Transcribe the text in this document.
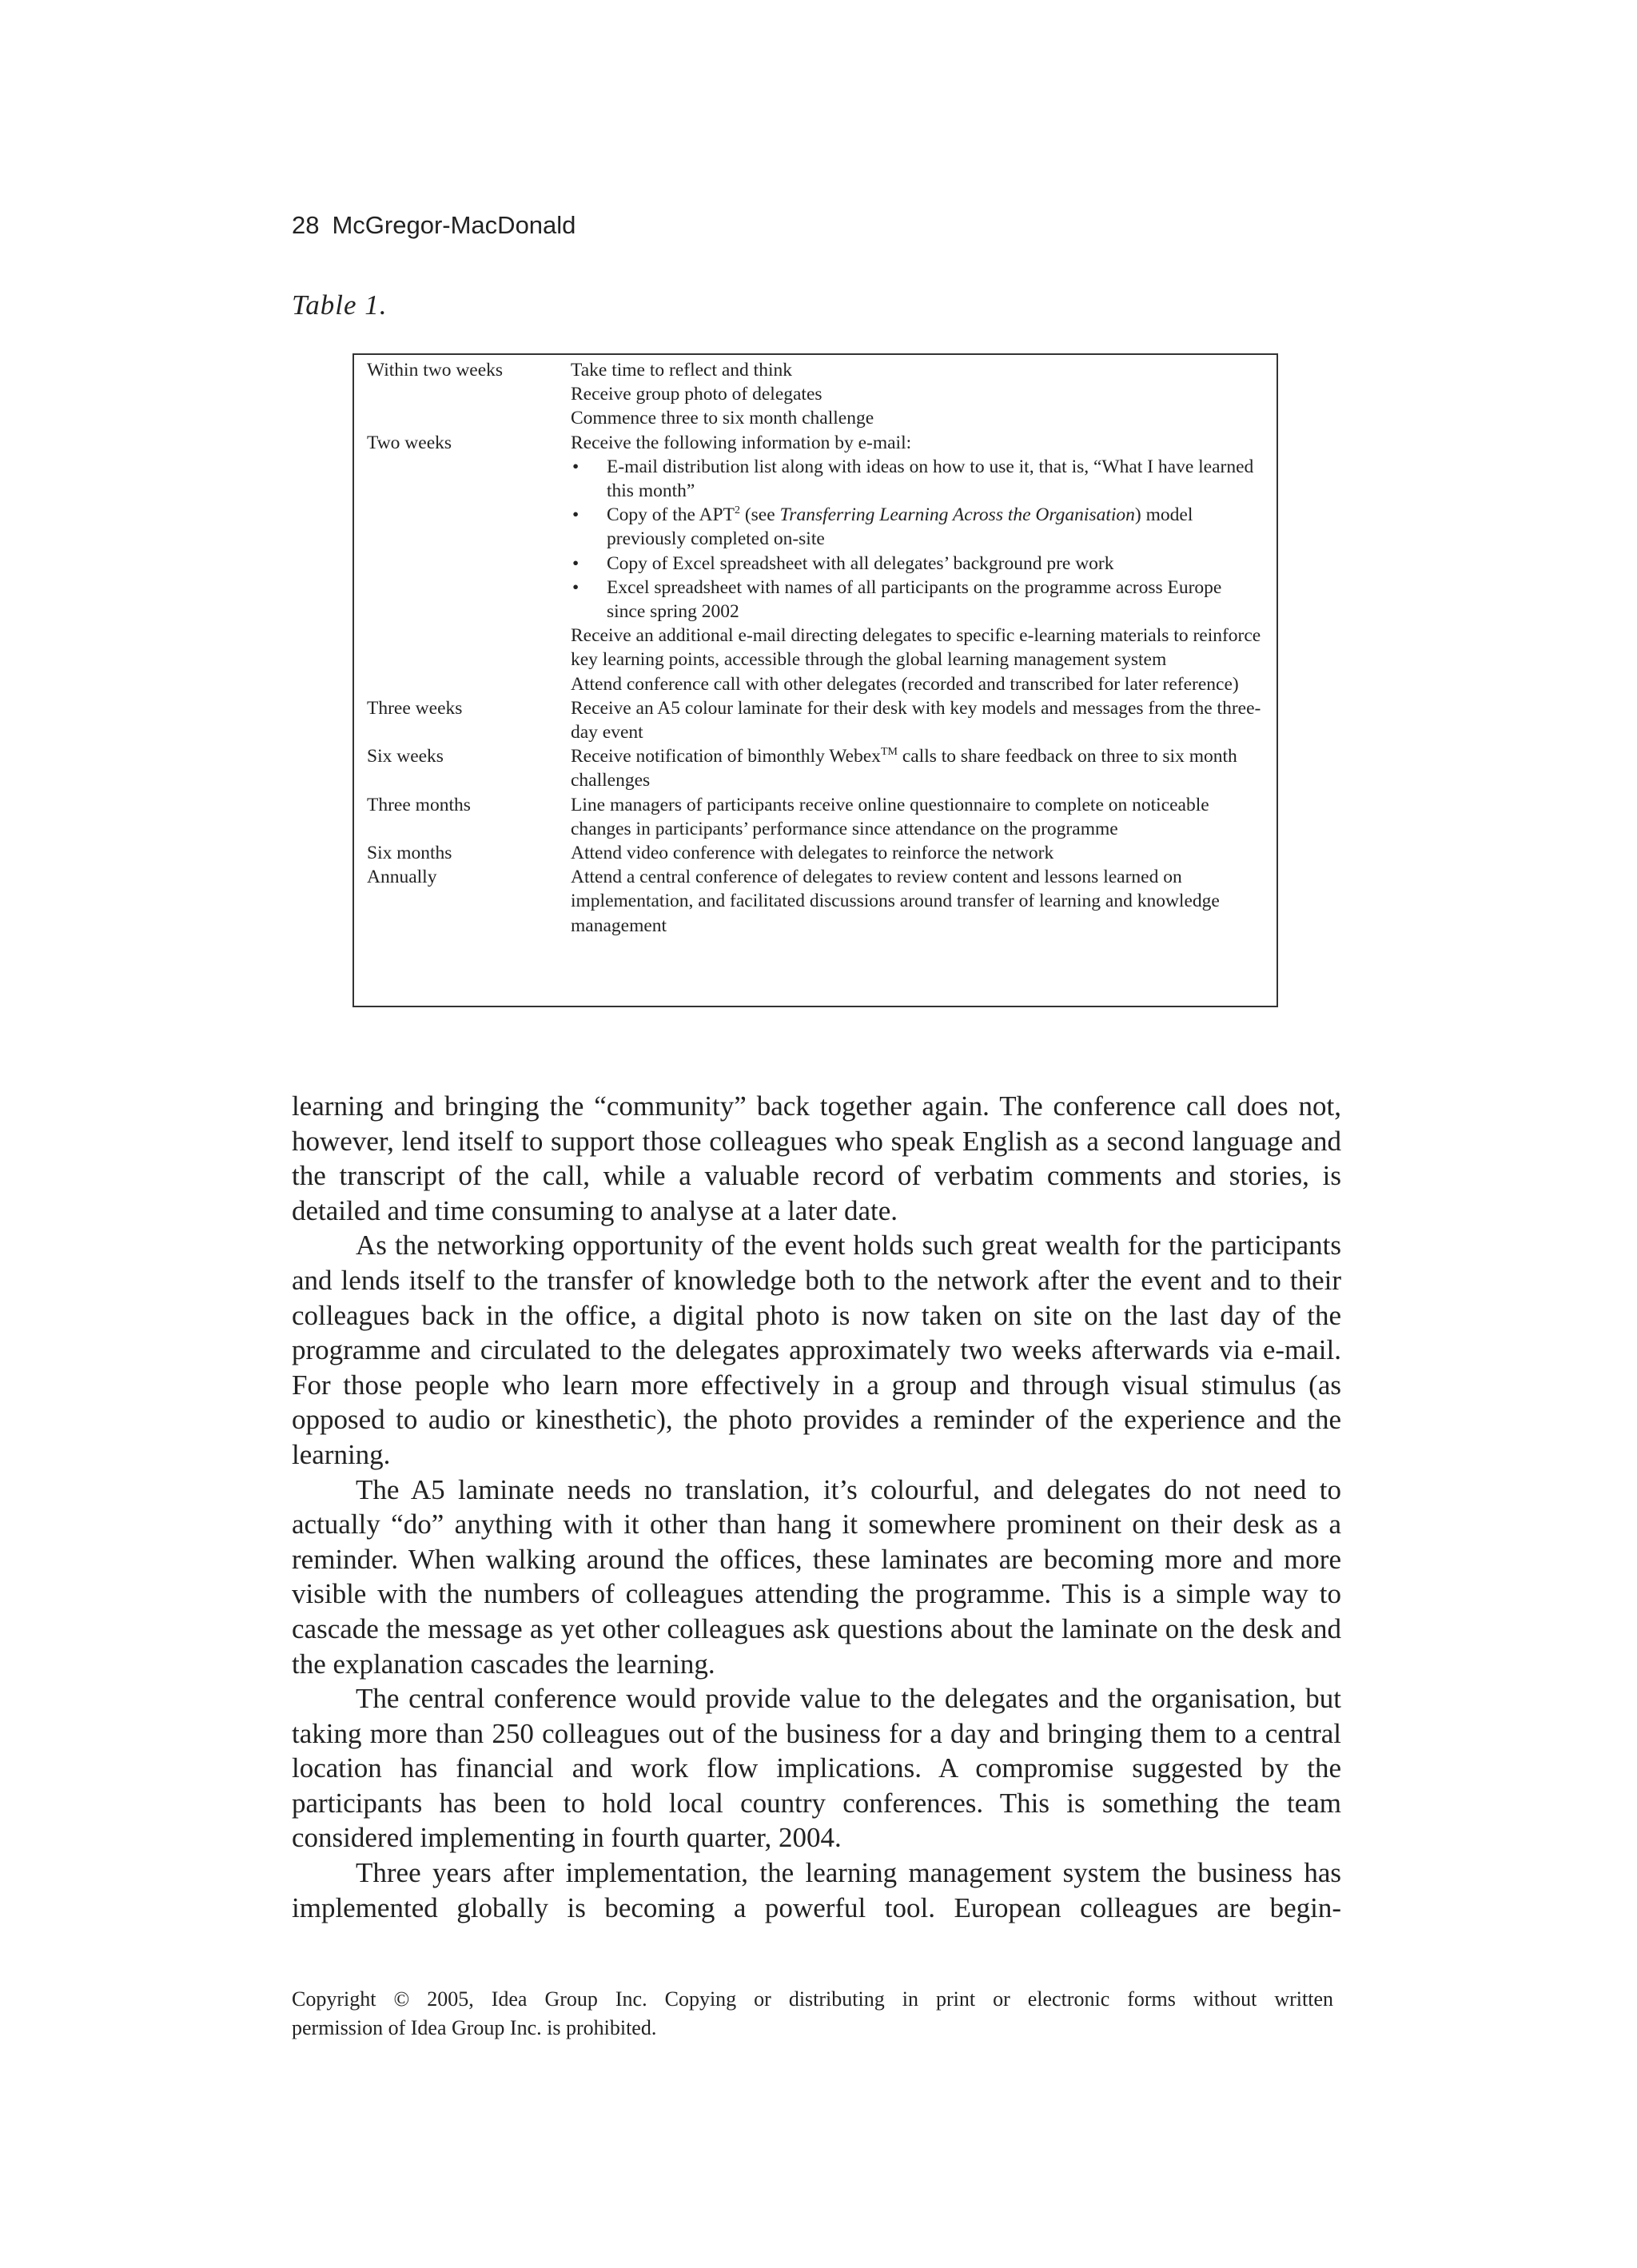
28 McGregor-MacDonald
Table 1.
Within two weeks	Take time to reflect and think
Receive group photo of delegates
Commence three to six month challenge
Two weeks	Receive the following information by e-mail:
• E-mail distribution list along with ideas on how to use it, that is, “What I have learned this month”
• Copy of the APT$^2$ (see Transferring Learning Across the Organisation) model previously completed on-site
• Copy of Excel spreadsheet with all delegates’ background pre work
• Excel spreadsheet with names of all participants on the programme across Europe since spring 2002
Receive an additional e-mail directing delegates to specific e-learning materials to reinforce key learning points, accessible through the global learning management system
Attend conference call with other delegates (recorded and transcribed for later reference)
Three weeks	Receive an A5 colour laminate for their desk with key models and messages from the three-day event
Six weeks	Receive notification of bimonthly Webex™ calls to share feedback on three to six month challenges
Three months	Line managers of participants receive online questionnaire to complete on noticeable changes in participants’ performance since attendance on the programme
Six months	Attend video conference with delegates to reinforce the network
Annually	Attend a central conference of delegates to review content and lessons learned on implementation, and facilitated discussions around transfer of learning and knowledge management

learning and bringing the “community” back together again. The conference call does not, however, lend itself to support those colleagues who speak English as a second language and the transcript of the call, while a valuable record of verbatim comments and stories, is detailed and time consuming to analyse at a later date.

As the networking opportunity of the event holds such great wealth for the participants and lends itself to the transfer of knowledge both to the network after the event and to their colleagues back in the office, a digital photo is now taken on site on the last day of the programme and circulated to the delegates approximately two weeks afterwards via e-mail. For those people who learn more effectively in a group and through visual stimulus (as opposed to audio or kinesthetic), the photo provides a reminder of the experience and the learning.

The A5 laminate needs no translation, it’s colourful, and delegates do not need to actually “do” anything with it other than hang it somewhere prominent on their desk as a reminder. When walking around the offices, these laminates are becoming more and more visible with the numbers of colleagues attending the programme. This is a simple way to cascade the message as yet other colleagues ask questions about the laminate on the desk and the explanation cascades the learning.

The central conference would provide value to the delegates and the organisation, but taking more than 250 colleagues out of the business for a day and bringing them to a central location has financial and work flow implications. A compromise suggested by the participants has been to hold local country conferences. This is something the team considered implementing in fourth quarter, 2004.

Three years after implementation, the learning management system the business has implemented globally is becoming a powerful tool. European colleagues are begin-

Copyright © 2005, Idea Group Inc. Copying or distributing in print or electronic forms without written
permission of Idea Group Inc. is prohibited.
